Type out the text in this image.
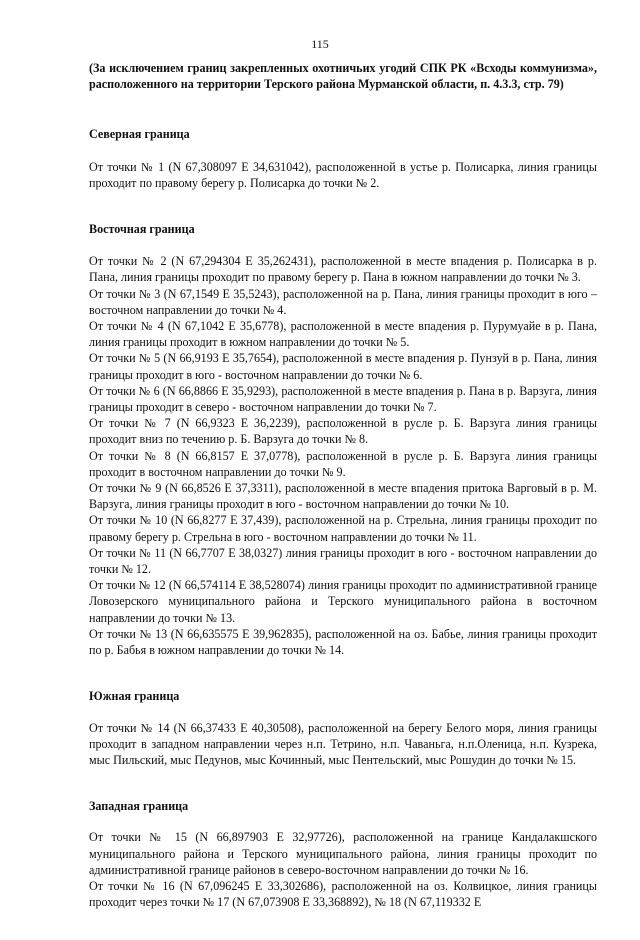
115

(За исключением границ закрепленных охотничьих угодий СПК РК «Всходы коммунизма», расположенного на территории Терского района Мурманской области, п. 4.3.3, стр. 79)

Северная граница

От точки № 1 (N 67,308097 E 34,631042), расположенной в устье р. Полисарка, линия границы проходит по правому берегу р. Полисарка до точки № 2.

Восточная граница

От точки № 2 (N 67,294304 E 35,262431), расположенной в месте впадения р. Полисарка в р. Пана, линия границы проходит по правому берегу р. Пана в южном направлении до точки № 3.

От точки № 3 (N 67,1549 E 35,5243), расположенной на р. Пана, линия границы проходит в юго – восточном направлении до точки № 4.

От точки № 4 (N 67,1042 E 35,6778), расположенной в месте впадения р. Пурумуайе в р. Пана, линия границы проходит в южном направлении до точки № 5.

От точки № 5 (N 66,9193 E 35,7654), расположенной в месте впадения р. Пунзуй в р. Пана, линия границы проходит в юго - восточном направлении до точки № 6.

От точки № 6 (N 66,8866 E 35,9293), расположенной в месте впадения р. Пана в р. Варзуга, линия границы проходит в северо - восточном направлении до точки № 7.

От точки № 7 (N 66,9323 E 36,2239), расположенной в русле р. Б. Варзуга линия границы проходит вниз по течению р. Б. Варзуга до точки № 8.

От точки № 8 (N 66,8157 E 37,0778), расположенной в русле р. Б. Варзуга линия границы проходит в восточном направлении до точки № 9.

От точки № 9 (N 66,8526 E 37,3311), расположенной в месте впадения притока Варговый в р. М. Варзуга, линия границы проходит в юго - восточном направлении до точки № 10.

От точки № 10 (N 66,8277 E 37,439), расположенной на р. Стрельна, линия границы проходит по правому берегу р. Стрельна в юго - восточном направлении до точки № 11.

От точки № 11 (N 66,7707 E 38,0327) линия границы проходит в юго - восточном направлении до точки № 12.

От точки № 12 (N 66,574114 E 38,528074) линия границы проходит по административной границе Ловозерского муниципального района и Терского муниципального района в восточном направлении до точки № 13.

От точки № 13 (N 66,635575 E 39,962835), расположенной на оз. Бабье, линия границы проходит по р. Бабья в южном направлении до точки № 14.

Южная граница

От точки № 14 (N 66,37433 E 40,30508), расположенной на берегу Белого моря, линия границы проходит в западном направлении через н.п. Тетрино, н.п. Чаваньга, н.п.Оленица, н.п. Кузрека, мыс Пильский, мыс Педунов, мыс Кочинный, мыс Пентельский, мыс Рошудин до точки № 15.

Западная граница

От точки № 15 (N 66,897903 E 32,97726), расположенной на границе Кандалакшского муниципального района и Терского муниципального района, линия границы проходит по административной границе районов в северо-восточном направлении до точки № 16.

От точки № 16 (N 67,096245 E 33,302686), расположенной на оз. Колвицкое, линия границы проходит через точки № 17 (N 67,073908 E 33,368892), № 18 (N 67,119332 E
